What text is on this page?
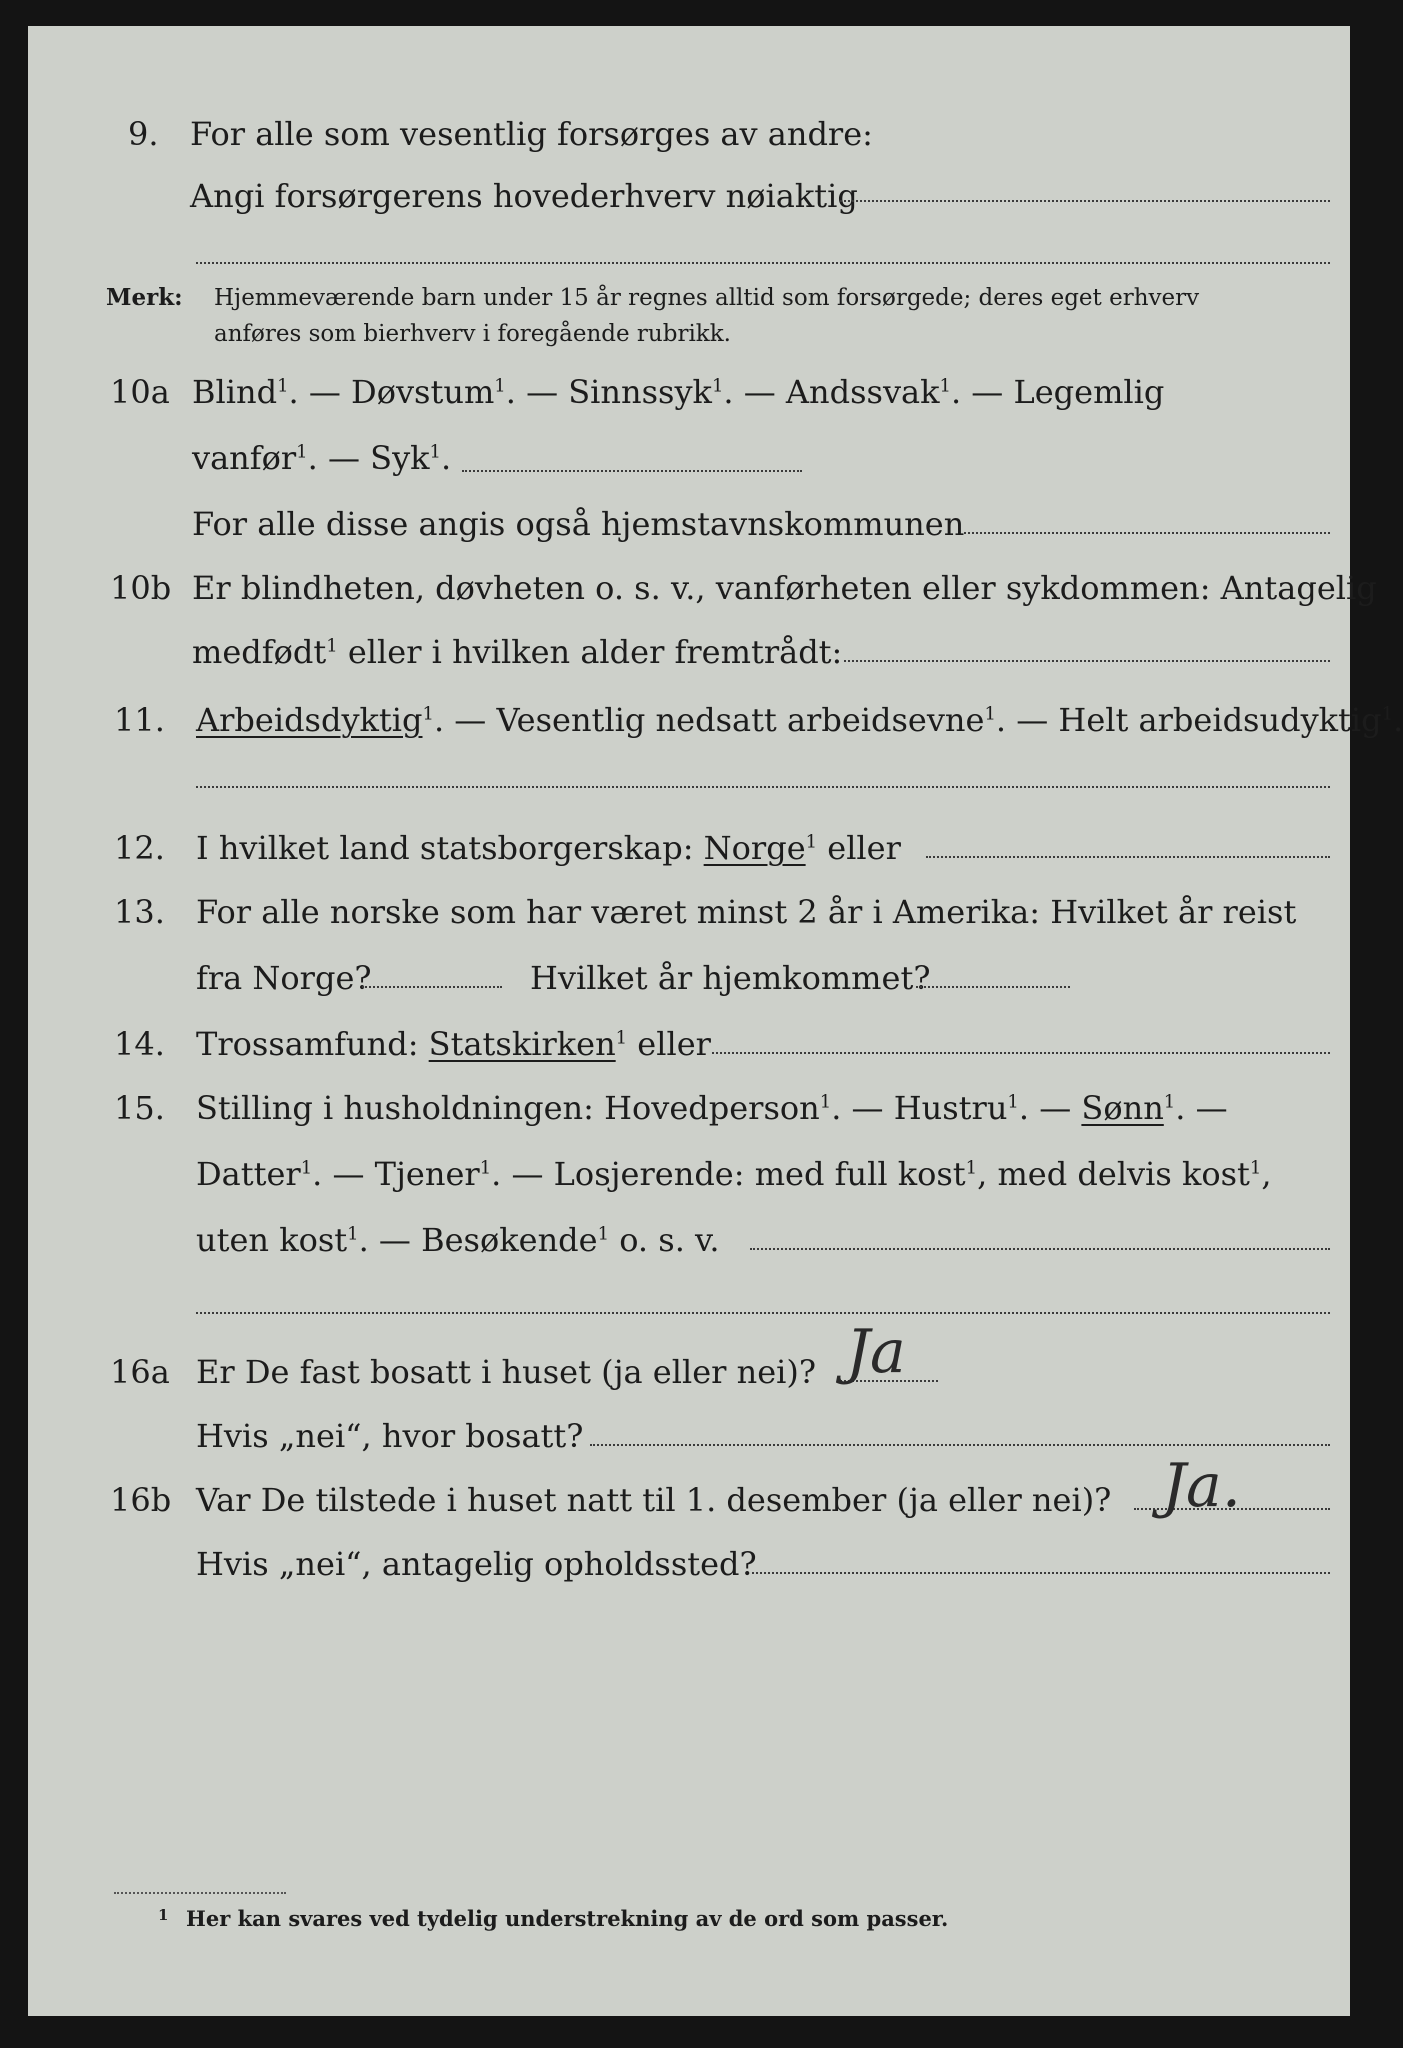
9. For alle som vesentlig forsørges av andre:
Angi forsørgerens hovederhverv nøiaktig
Merk: Hjemmeværende barn under 15 år regnes alltid som forsørgede; deres eget erhverv
anføres som bierhverv i foregående rubrikk.
10a Blind$^1$. — Døvstum$^1$. — Sinnssyk$^1$. — Andssvak$^1$. — Legemlig
vanfør$^1$. — Syk$^1$.
For alle disse angis også hjemstavnskommunen
10b Er blindheten, døvheten o. s. v., vanførheten eller sykdommen: Antagelig
medfødt$^1$ eller i hvilken alder fremtrådt:
11. Arbeidsdyktig$^1$. — Vesentlig nedsatt arbeidsevne$^1$. — Helt arbeidsudyktig$^1$.
12. I hvilket land statsborgerskap: Norge$^1$ eller
13. For alle norske som har været minst 2 år i Amerika: Hvilket år reist
fra Norge?	Hvilket år hjemkommet?
14. Trossamfund: Statskirken$^1$ eller
15. Stilling i husholdningen: Hovedperson$^1$. — Hustru$^1$. — Sønn$^1$. —
Datter$^1$. — Tjener$^1$. — Losjerende: med full kost$^1$, med delvis kost$^1$,
uten kost$^1$. — Besøkende$^1$ o. s. v.
16a Er De fast bosatt i huset (ja eller nei)? Ja
Hvis „nei“, hvor bosatt?
16b Var De tilstede i huset natt til 1. desember (ja eller nei)? Ja.
Hvis „nei“, antagelig opholdssted?
1 Her kan svares ved tydelig understrekning av de ord som passer.
